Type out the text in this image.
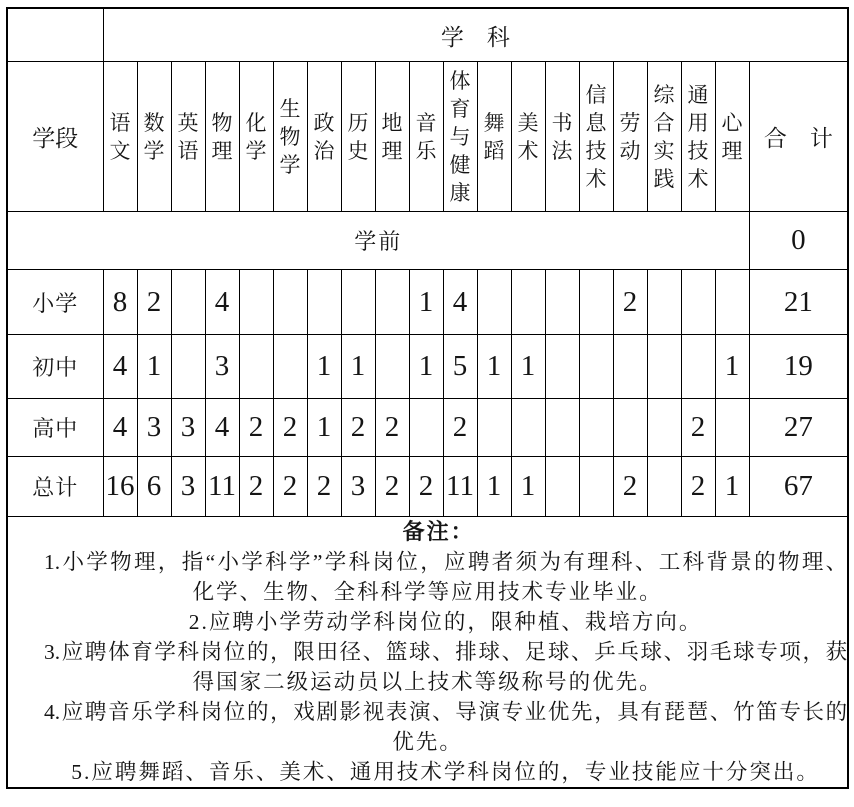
	学　科																			
学段	语文	数学	英语	物理	化学	生物学	政治	历史	地理	音乐	体育与健康	舞蹈	美术	书法	信息技术	劳动	综合实践	通用技术	心理	合　计
学前																				0
小学	8	2		4						1	4					2				21
初中	4	1		3			1	1		1	5	1	1						1	19
高中	4	3	3	4	2	2	1	2	2		2							2		27
总计	16	6	3	11	2	2	2	3	2	2	11	1	1			2		2	1	67

备注：
1.小学物理，指“小学科学”学科岗位，应聘者须为有理科、工科背景的物理、
化学、生物、全科科学等应用技术专业毕业。
2.应聘小学劳动学科岗位的，限种植、栽培方向。
3.应聘体育学科岗位的，限田径、篮球、排球、足球、乒乓球、羽毛球专项，获
得国家二级运动员以上技术等级称号的优先。
4.应聘音乐学科岗位的，戏剧影视表演、导演专业优先，具有琵琶、竹笛专长的
优先。
5.应聘舞蹈、音乐、美术、通用技术学科岗位的，专业技能应十分突出。
